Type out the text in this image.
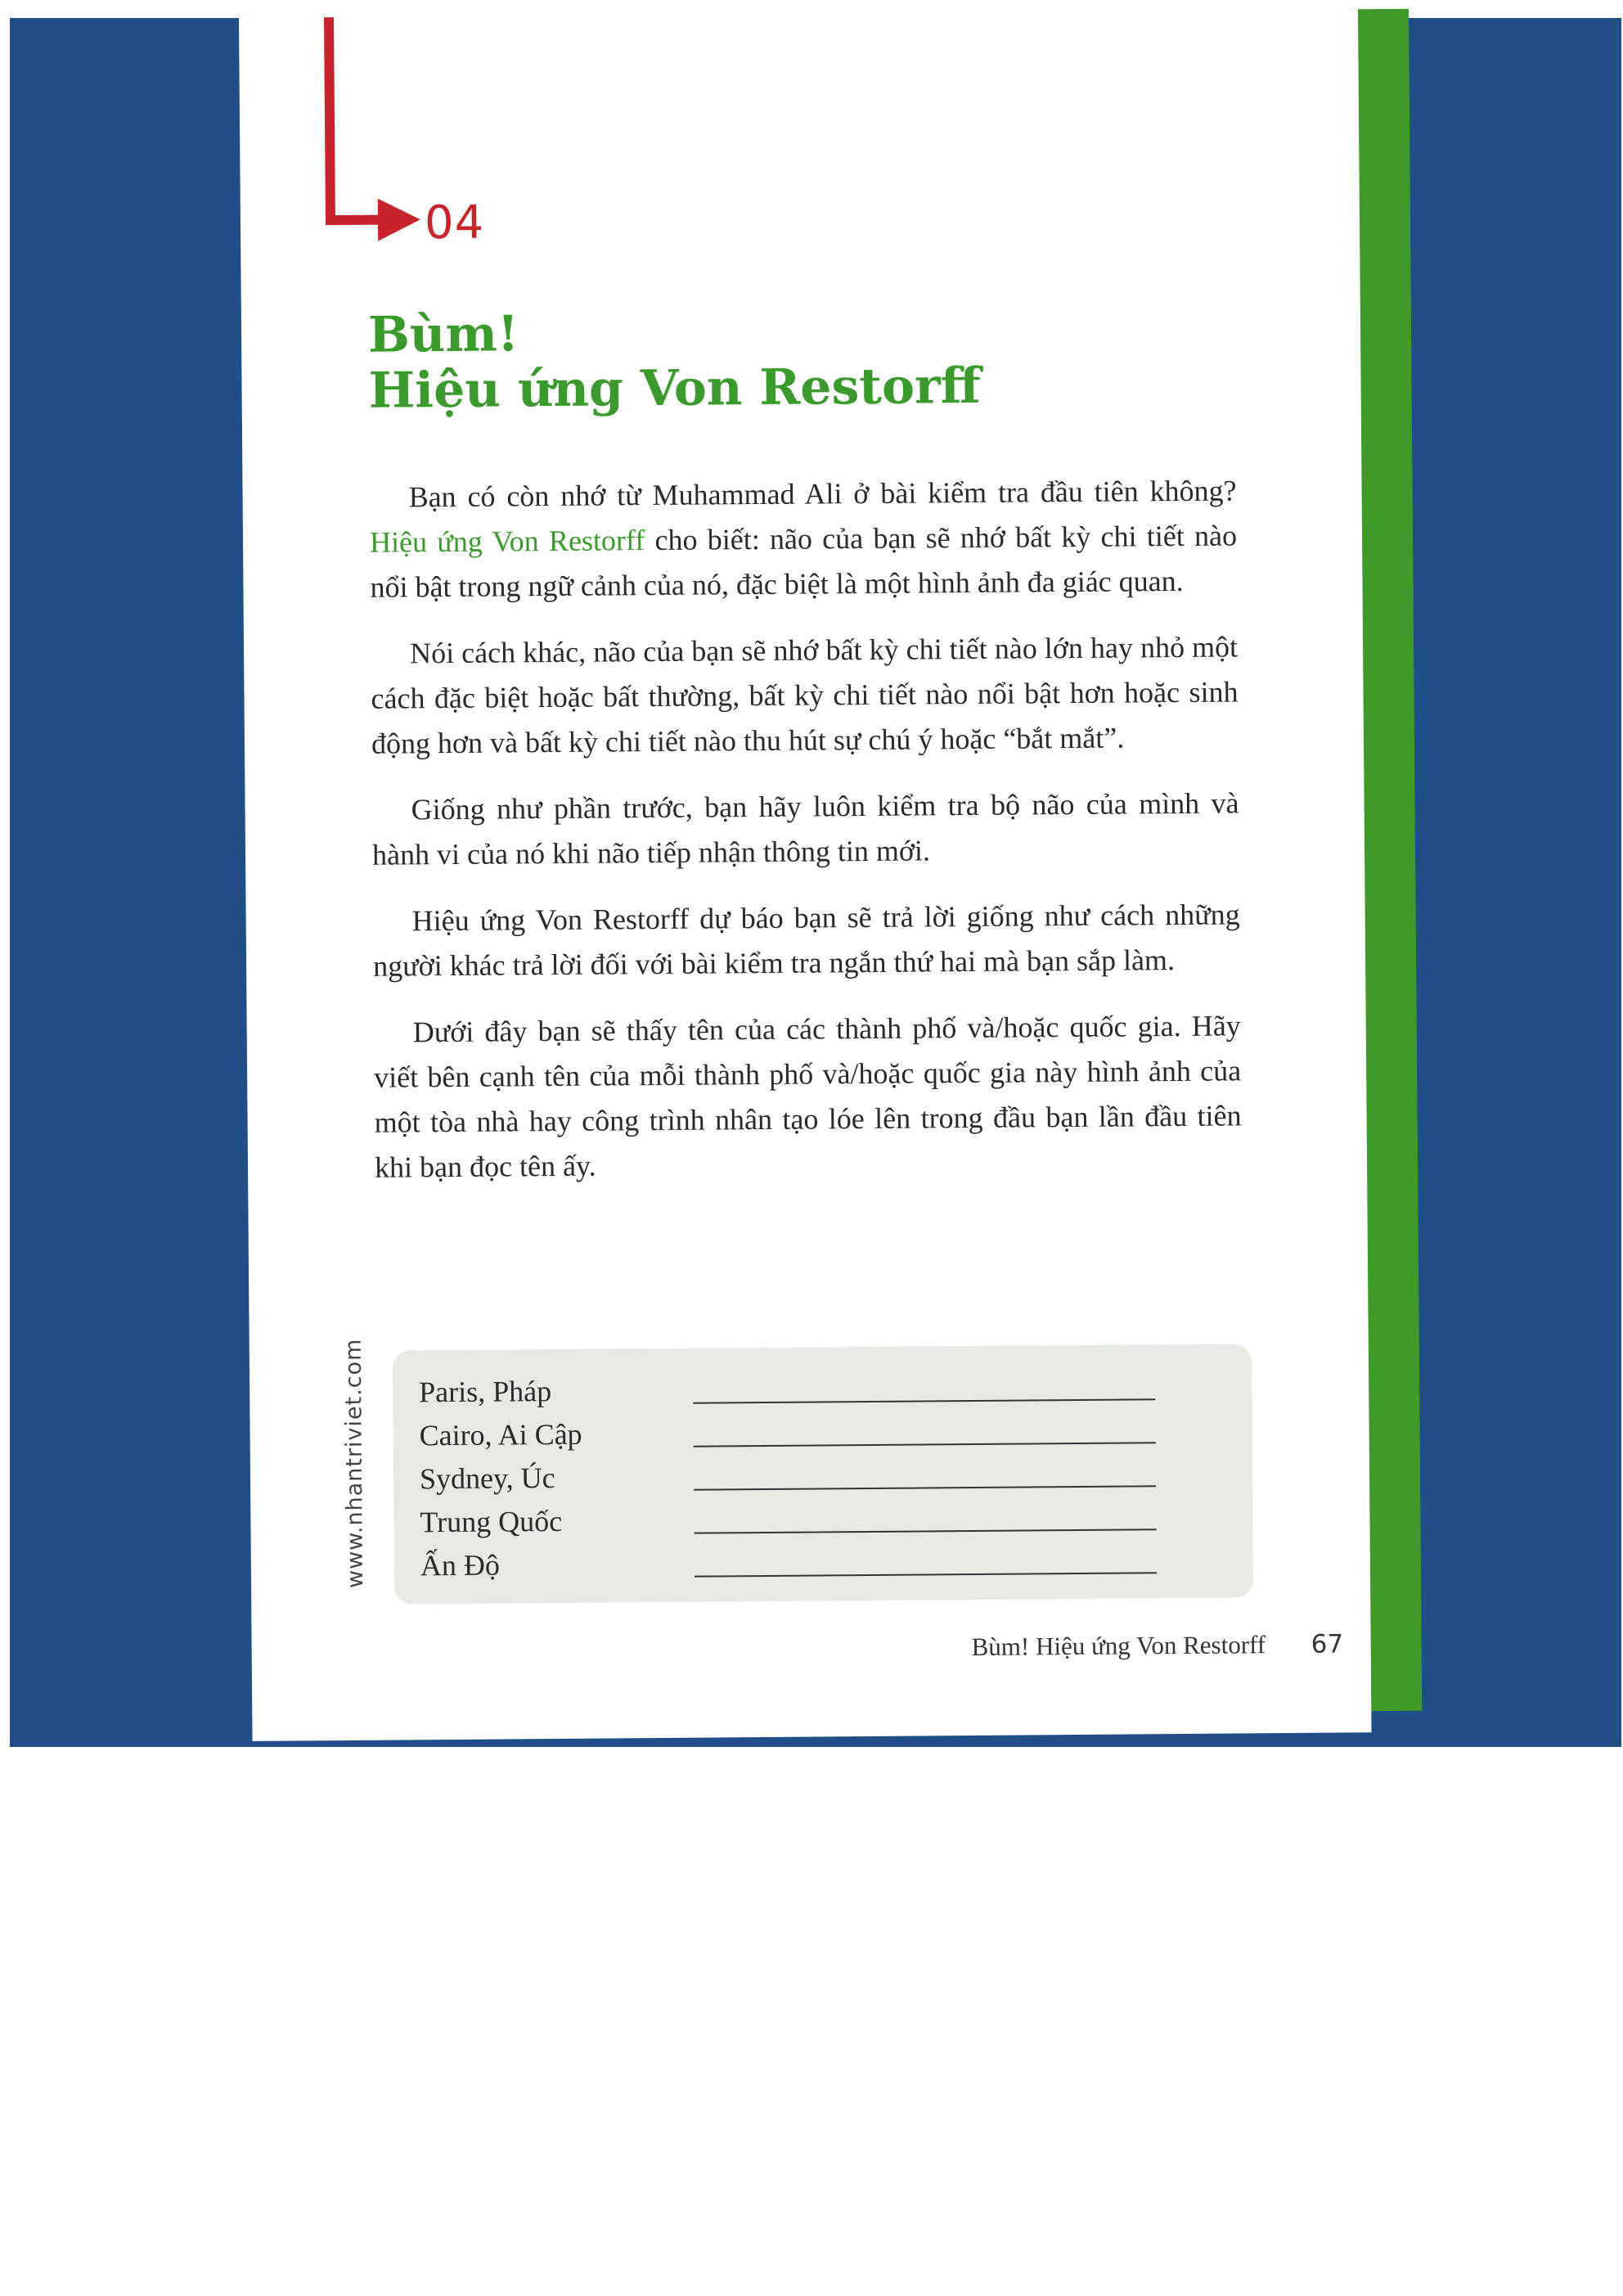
04
Bùm!
Hiệu ứng Von Restorff

Bạn có còn nhớ từ Muhammad Ali ở bài kiểm tra đầu tiên không? Hiệu ứng Von Restorff cho biết: não của bạn sẽ nhớ bất kỳ chi tiết nào nổi bật trong ngữ cảnh của nó, đặc biệt là một hình ảnh đa giác quan.

Nói cách khác, não của bạn sẽ nhớ bất kỳ chi tiết nào lớn hay nhỏ một cách đặc biệt hoặc bất thường, bất kỳ chi tiết nào nổi bật hơn hoặc sinh động hơn và bất kỳ chi tiết nào thu hút sự chú ý hoặc “bắt mắt”.

Giống như phần trước, bạn hãy luôn kiểm tra bộ não của mình và hành vi của nó khi não tiếp nhận thông tin mới.

Hiệu ứng Von Restorff dự báo bạn sẽ trả lời giống như cách những người khác trả lời đối với bài kiểm tra ngắn thứ hai mà bạn sắp làm.

Dưới đây bạn sẽ thấy tên của các thành phố và/hoặc quốc gia. Hãy viết bên cạnh tên của mỗi thành phố và/hoặc quốc gia này hình ảnh của một tòa nhà hay công trình nhân tạo lóe lên trong đầu bạn lần đầu tiên khi bạn đọc tên ấy.

Paris, Pháp
Cairo, Ai Cập
Sydney, Úc
Trung Quốc
Ấn Độ
www.nhantriviet.com
Bùm! Hiệu ứng Von Restorff 67
